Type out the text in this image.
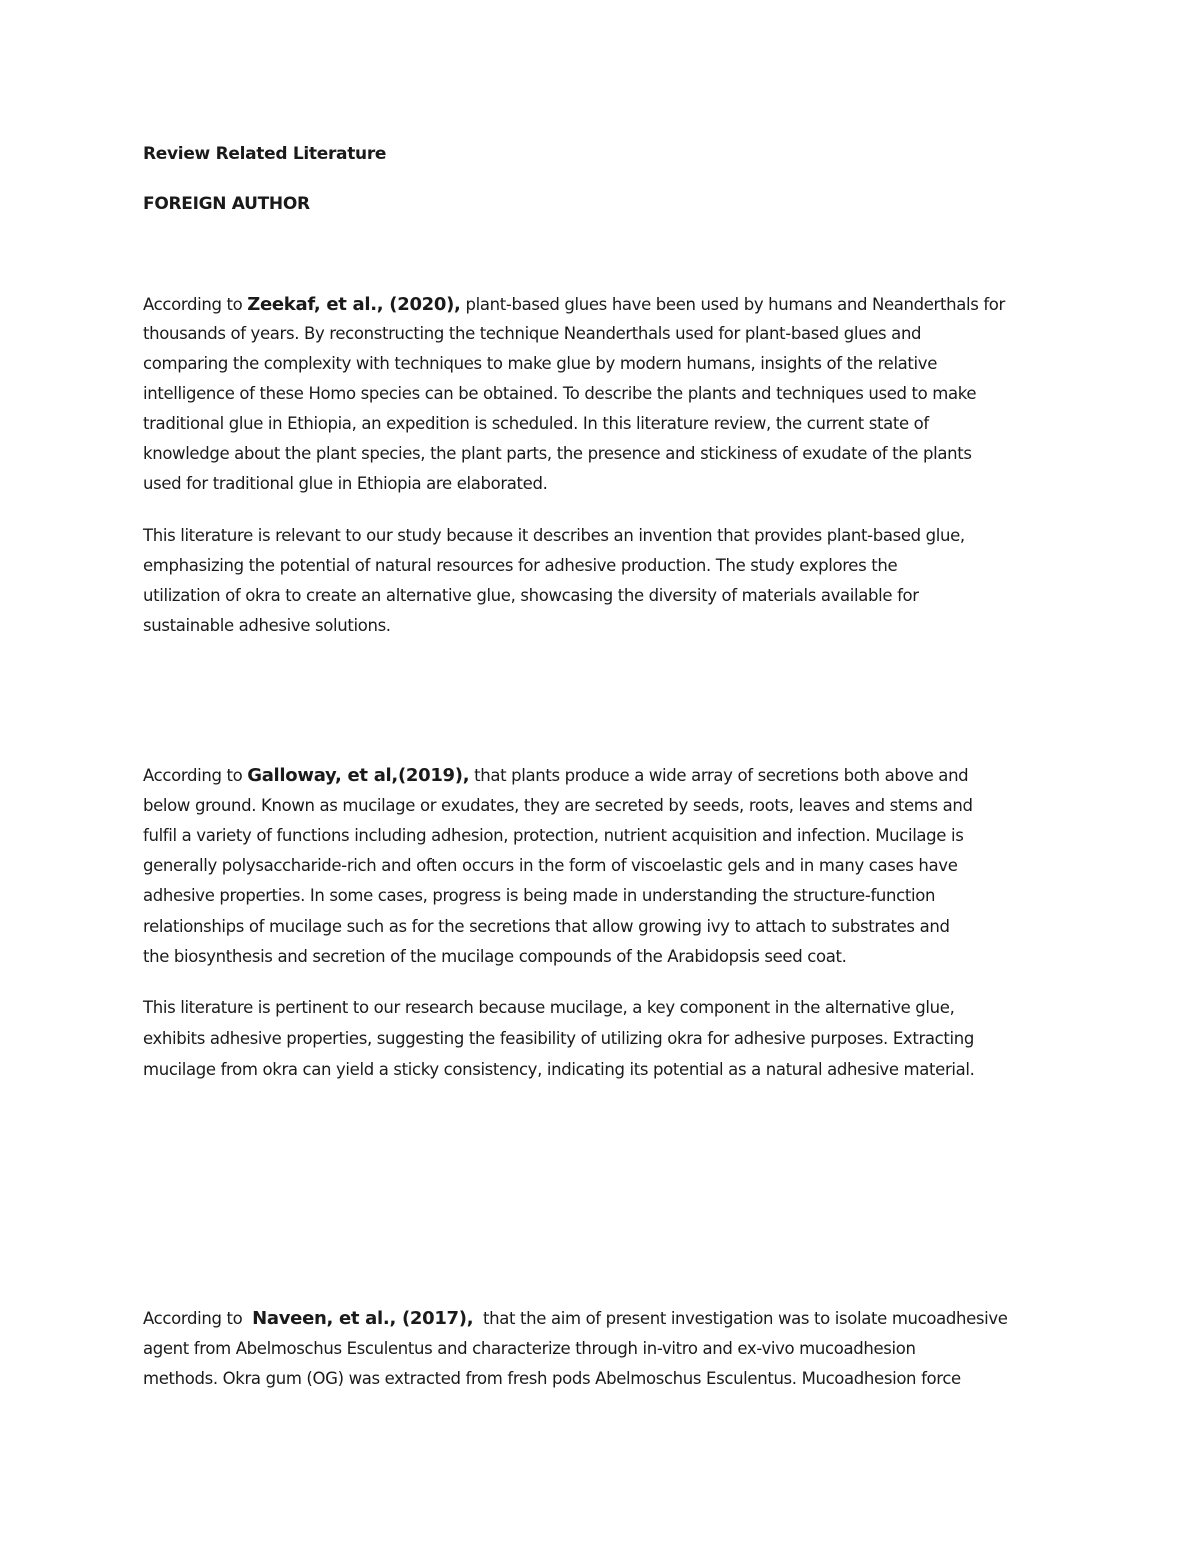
Review Related Literature
FOREIGN AUTHOR
According to Zeekaf, et al., (2020), plant-based glues have been used by humans and Neanderthals for
thousands of years. By reconstructing the technique Neanderthals used for plant-based glues and
comparing the complexity with techniques to make glue by modern humans, insights of the relative
intelligence of these Homo species can be obtained. To describe the plants and techniques used to make
traditional glue in Ethiopia, an expedition is scheduled. In this literature review, the current state of
knowledge about the plant species, the plant parts, the presence and stickiness of exudate of the plants
used for traditional glue in Ethiopia are elaborated.
This literature is relevant to our study because it describes an invention that provides plant-based glue,
emphasizing the potential of natural resources for adhesive production. The study explores the
utilization of okra to create an alternative glue, showcasing the diversity of materials available for
sustainable adhesive solutions.
According to Galloway, et al,(2019), that plants produce a wide array of secretions both above and
below ground. Known as mucilage or exudates, they are secreted by seeds, roots, leaves and stems and
fulfil a variety of functions including adhesion, protection, nutrient acquisition and infection. Mucilage is
generally polysaccharide-rich and often occurs in the form of viscoelastic gels and in many cases have
adhesive properties. In some cases, progress is being made in understanding the structure-function
relationships of mucilage such as for the secretions that allow growing ivy to attach to substrates and
the biosynthesis and secretion of the mucilage compounds of the Arabidopsis seed coat.
This literature is pertinent to our research because mucilage, a key component in the alternative glue,
exhibits adhesive properties, suggesting the feasibility of utilizing okra for adhesive purposes. Extracting
mucilage from okra can yield a sticky consistency, indicating its potential as a natural adhesive material.
According to  Naveen, et al., (2017),  that the aim of present investigation was to isolate mucoadhesive
agent from Abelmoschus Esculentus and characterize through in-vitro and ex-vivo mucoadhesion
methods. Okra gum (OG) was extracted from fresh pods Abelmoschus Esculentus. Mucoadhesion force
